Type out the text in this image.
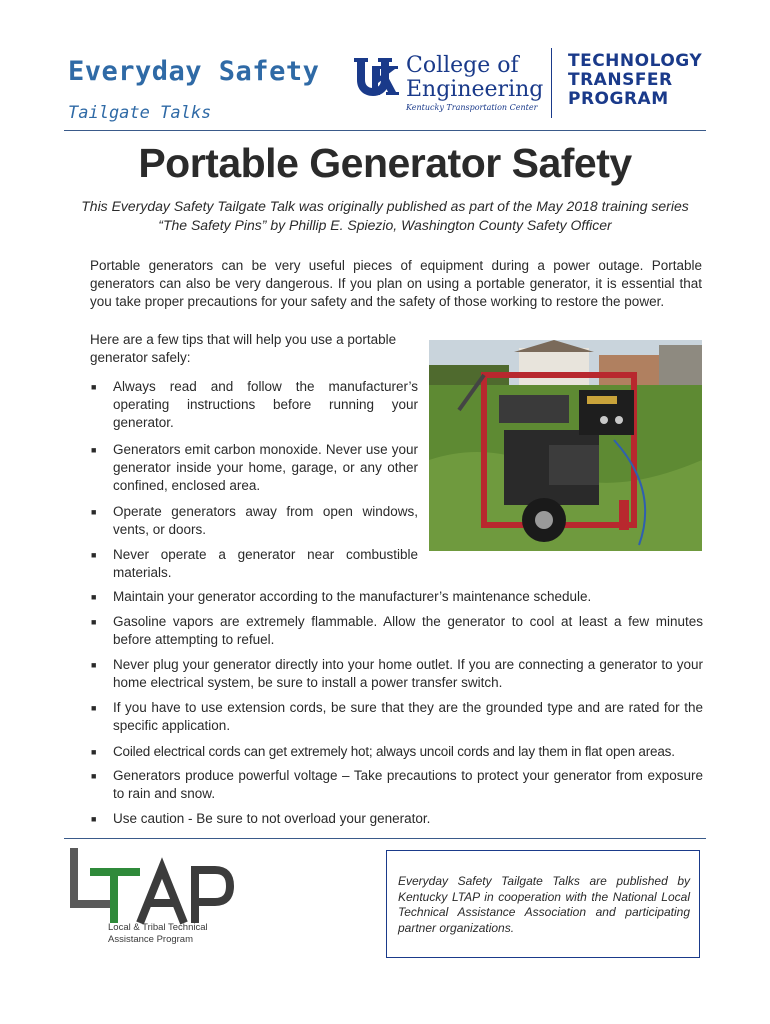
Everyday Safety
Tailgate Talks
College of
Engineering
Kentucky Transportation Center
TECHNOLOGY
TRANSFER
PROGRAM
Portable Generator Safety
This Everyday Safety Tailgate Talk was originally published as part of the May 2018 training series “The Safety Pins” by Phillip E. Spiezio, Washington County Safety Officer
Portable generators can be very useful pieces of equipment during a power outage. Portable generators can also be very dangerous. If you plan on using a portable generator, it is essential that you take proper precautions for your safety and the safety of those working to restore the power.
Here are a few tips that will help you use a portable generator safely:
■ Always read and follow the manufacturer’s operating instructions before running your generator.
■ Generators emit carbon monoxide. Never use your generator inside your home, garage, or any other confined, enclosed area.
■ Operate generators away from open windows, vents, or doors.
■ Never operate a generator near combustible materials.
■ Maintain your generator according to the manufacturer’s maintenance schedule.
■ Gasoline vapors are extremely flammable. Allow the generator to cool at least a few minutes before attempting to refuel.
■ Never plug your generator directly into your home outlet. If you are connecting a generator to your home electrical system, be sure to install a power transfer switch.
■ If you have to use extension cords, be sure that they are the grounded type and are rated for the specific application.
■ Coiled electrical cords can get extremely hot; always uncoil cords and lay them in flat open areas.
■ Generators produce powerful voltage – Take precautions to protect your generator from exposure to rain and snow.
■ Use caution - Be sure to not overload your generator.
Local & Tribal Technical
Assistance Program
Everyday Safety Tailgate Talks are published by Kentucky LTAP in cooperation with the National Local Technical Assistance Association and participating partner organizations.
